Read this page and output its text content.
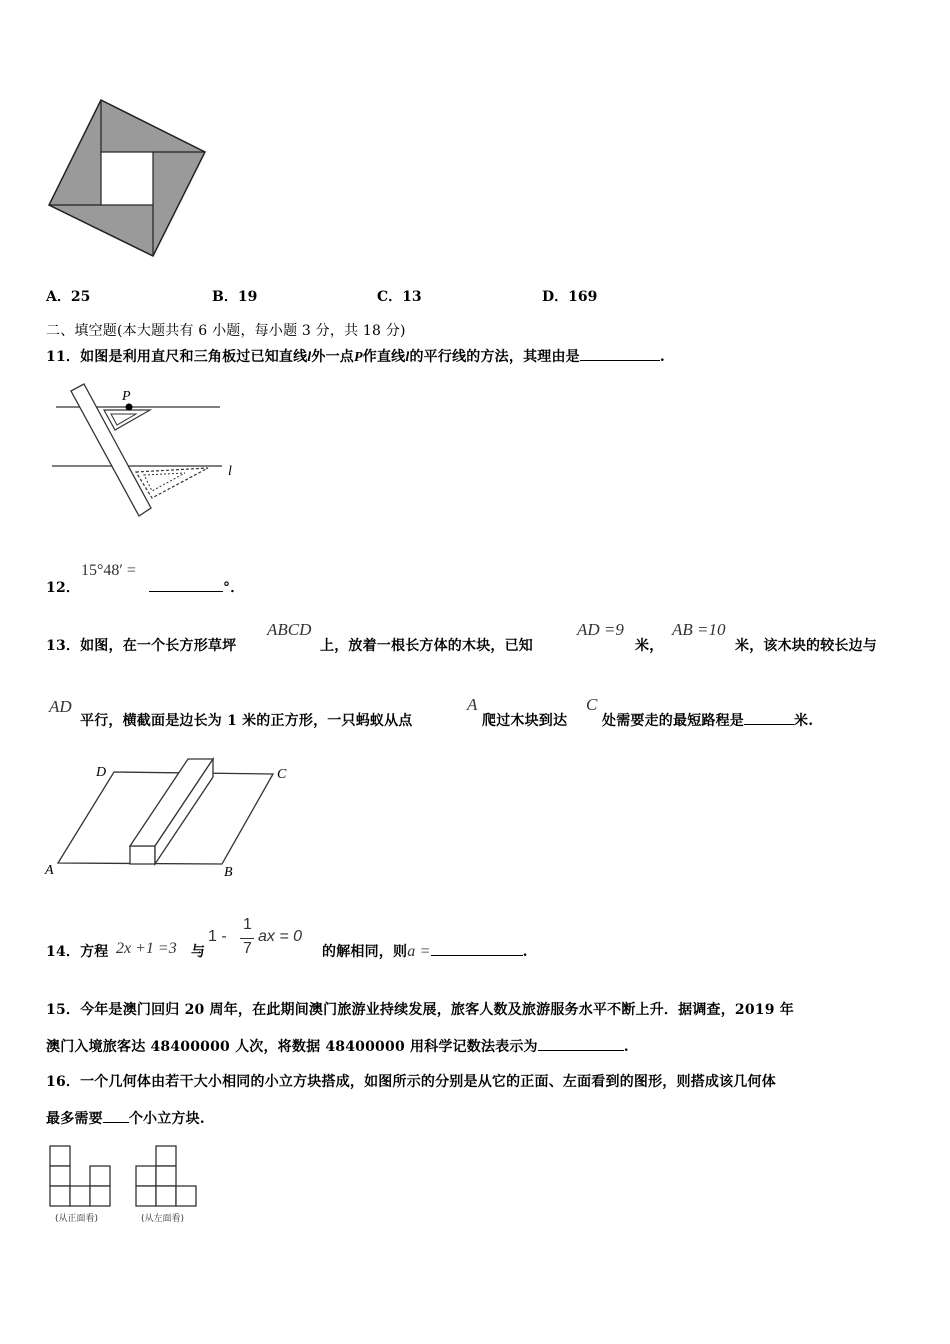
A．25	B．19	C．13	D．169
二、填空题(本大题共有 6 小题，每小题 3 分，共 18 分)
11．如图是利用直尺和三角板过已知直线l外一点P作直线l的平行线的方法，其理由是	.
P
l
12．
15°48′ =
°．
13．如图，在一个长方形草坪
ABCD
上，放着一根长方体的木块，已知
AD =9
米，
AB =10
米，该木块的较长边与
AD
平行，横截面是边长为 1 米的正方形，一只蚂蚁从点
A
爬过木块到达
C
处需要走的最短路程是	米.
D	C
A	B
14．方程 2x +1 =3 与
1 -
1
7
ax = 0
的解相同，则a =	.
15．今年是澳门回归 20 周年，在此期间澳门旅游业持续发展，旅客人数及旅游服务水平不断上升．据调查，2019 年
澳门入境旅客达 48400000 人次，将数据 48400000 用科学记数法表示为	.
16．一个几何体由若干大小相同的小立方块搭成，如图所示的分别是从它的正面、左面看到的图形，则搭成该几何体
最多需要 个小立方块.
(从正面看)	(从左面看)
